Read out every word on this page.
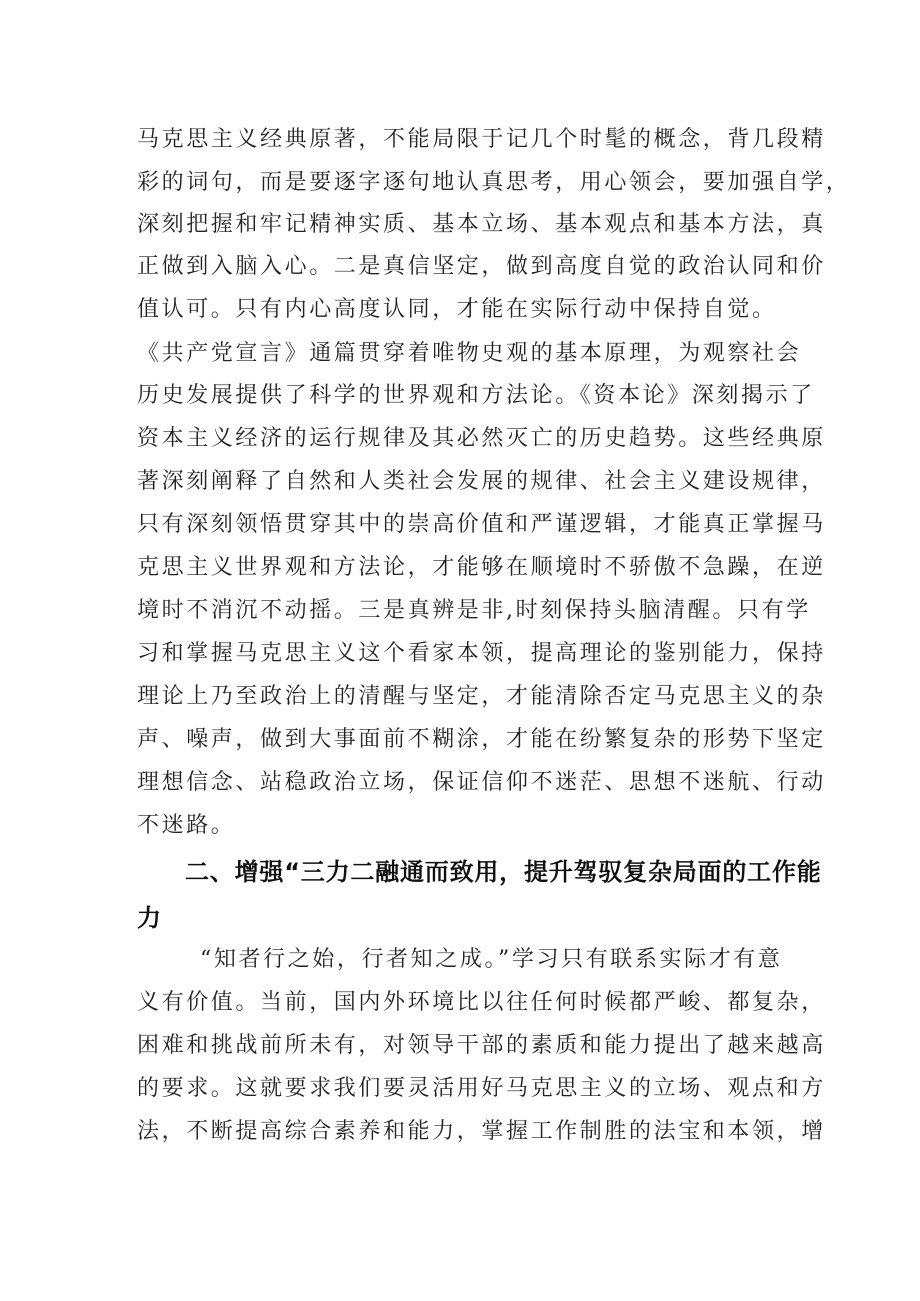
马克思主义经典原著，不能局限于记几个时髦的概念，背几段精
彩的词句，而是要逐字逐句地认真思考，用心领会，要加强自学，
深刻把握和牢记精神实质、基本立场、基本观点和基本方法，真
正做到入脑入心。二是真信坚定，做到高度自觉的政治认同和价
值认可。只有内心高度认同，才能在实际行动中保持自觉。
《共产党宣言》通篇贯穿着唯物史观的基本原理，为观察社会
历史发展提供了科学的世界观和方法论。《资本论》深刻揭示了
资本主义经济的运行规律及其必然灭亡的历史趋势。这些经典原
著深刻阐释了自然和人类社会发展的规律、社会主义建设规律，
只有深刻领悟贯穿其中的崇高价值和严谨逻辑，才能真正掌握马
克思主义世界观和方法论，才能够在顺境时不骄傲不急躁，在逆
境时不消沉不动摇。三是真辨是非,时刻保持头脑清醒。只有学
习和掌握马克思主义这个看家本领，提高理论的鉴别能力，保持
理论上乃至政治上的清醒与坚定，才能清除否定马克思主义的杂
声、噪声，做到大事面前不糊涂，才能在纷繁复杂的形势下坚定
理想信念、站稳政治立场，保证信仰不迷茫、思想不迷航、行动
不迷路。
二、增强“三力二融通而致用，提升驾驭复杂局面的工作能
力
“知者行之始，行者知之成。”学习只有联系实际才有意
义有价值。当前，国内外环境比以往任何时候都严峻、都复杂，
困难和挑战前所未有，对领导干部的素质和能力提出了越来越高
的要求。这就要求我们要灵活用好马克思主义的立场、观点和方
法，不断提高综合素养和能力，掌握工作制胜的法宝和本领，增
